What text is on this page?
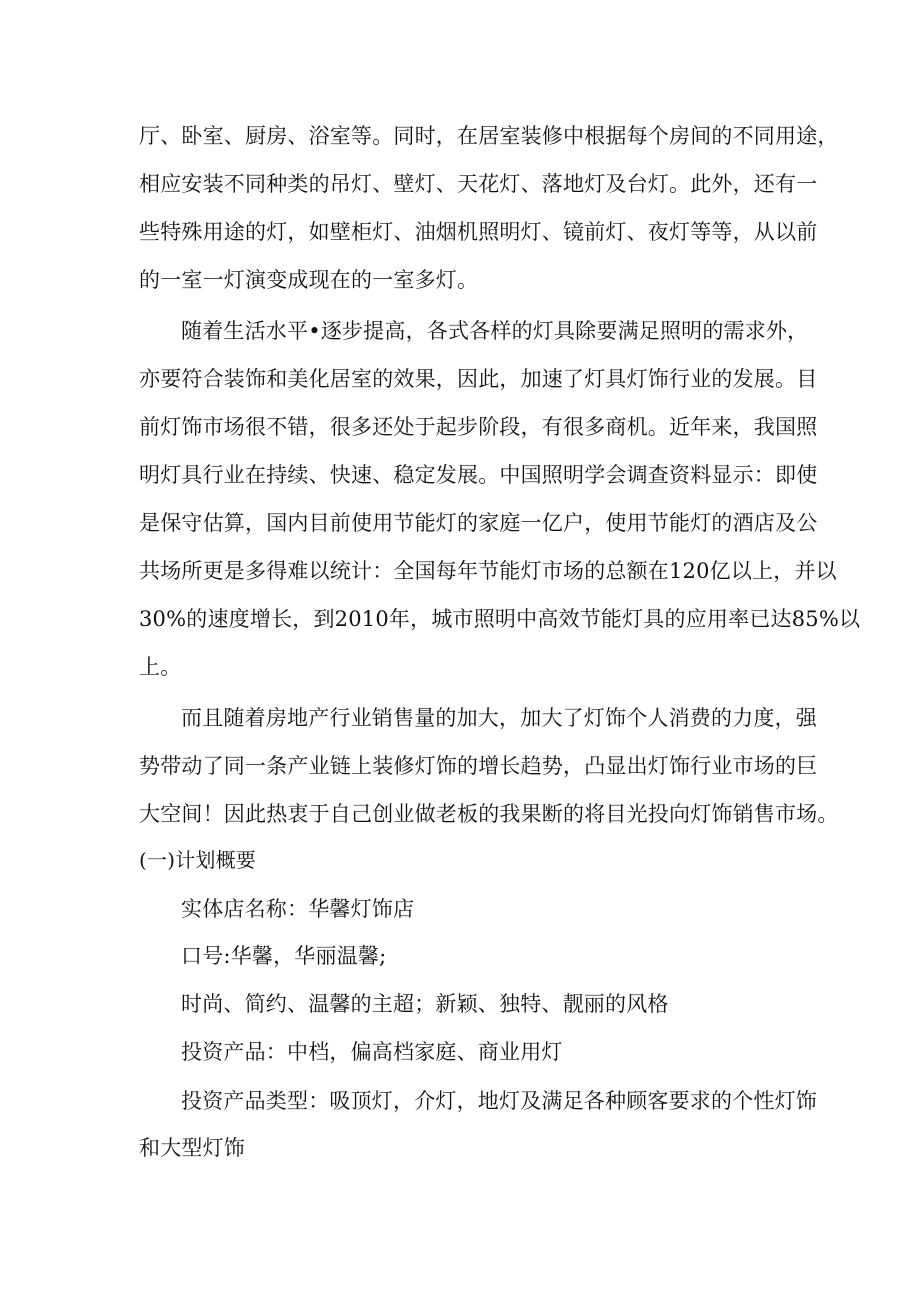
厅、卧室、厨房、浴室等。同时，在居室装修中根据每个房间的不同用途，
相应安装不同种类的吊灯、壁灯、天花灯、落地灯及台灯。此外，还有一
些特殊用途的灯，如壁柜灯、油烟机照明灯、镜前灯、夜灯等等，从以前
的一室一灯演变成现在的一室多灯。
随着生活水平•逐步提高，各式各样的灯具除要满足照明的需求外，
亦要符合装饰和美化居室的效果，因此，加速了灯具灯饰行业的发展。目
前灯饰市场很不错，很多还处于起步阶段，有很多商机。近年来，我国照
明灯具行业在持续、快速、稳定发展。中国照明学会调查资料显示：即使
是保守估算，国内目前使用节能灯的家庭一亿户，使用节能灯的酒店及公
共场所更是多得难以统计：全国每年节能灯市场的总额在120亿以上，并以
30%的速度增长，到2010年，城市照明中高效节能灯具的应用率已达85%以
上。
而且随着房地产行业销售量的加大，加大了灯饰个人消费的力度，强
势带动了同一条产业链上装修灯饰的增长趋势，凸显出灯饰行业市场的巨
大空间！因此热衷于自己创业做老板的我果断的将目光投向灯饰销售市场。
(一)计划概要
实体店名称：华馨灯饰店
口号:华馨，华丽温馨;
时尚、简约、温馨的主超；新颖、独特、靓丽的风格
投资产品：中档，偏高档家庭、商业用灯
投资产品类型：吸顶灯，介灯，地灯及满足各种顾客要求的个性灯饰
和大型灯饰
